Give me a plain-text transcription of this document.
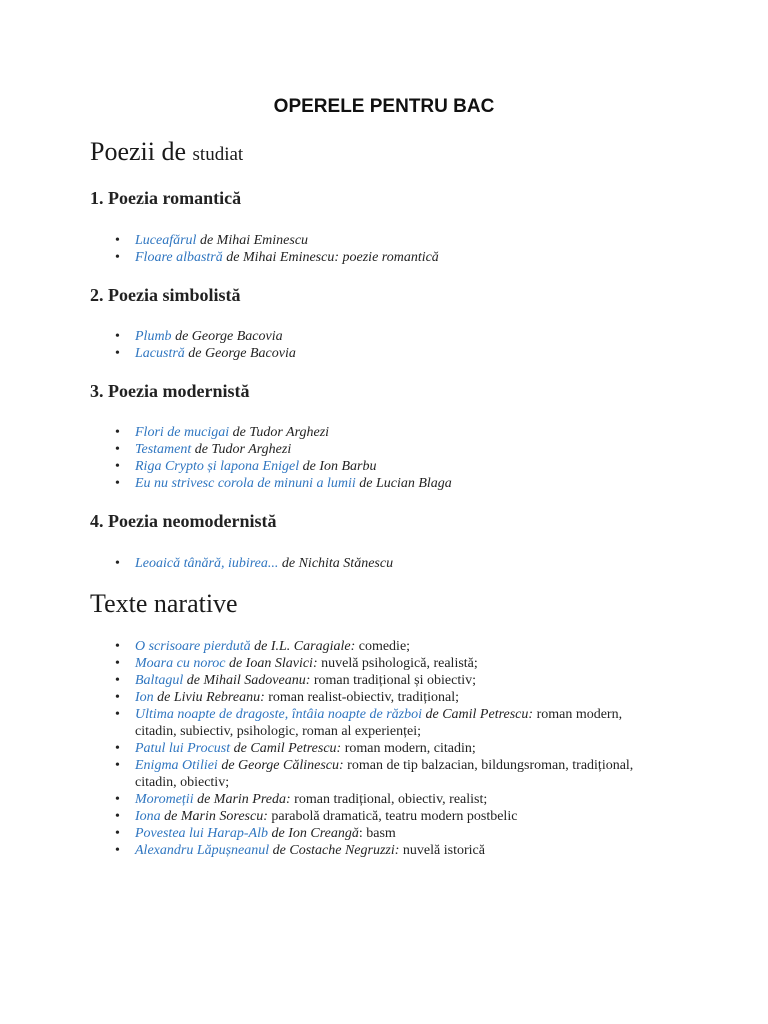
OPERELE PENTRU BAC
Poezii de studiat
1. Poezia romantică
• Luceafărul de Mihai Eminescu
• Floare albastră de Mihai Eminescu: poezie romantică
2. Poezia simbolistă
• Plumb de George Bacovia
• Lacustră de George Bacovia
3. Poezia modernistă
• Flori de mucigai de Tudor Arghezi
• Testament de Tudor Arghezi
• Riga Crypto și lapona Enigel de Ion Barbu
• Eu nu strivesc corola de minuni a lumii de Lucian Blaga
4. Poezia neomodernistă
• Leoaică tânără, iubirea... de Nichita Stănescu
Texte narative
• O scrisoare pierdută de I.L. Caragiale: comedie;
• Moara cu noroc de Ioan Slavici: nuvelă psihologică, realistă;
• Baltagul de Mihail Sadoveanu: roman tradițional și obiectiv;
• Ion de Liviu Rebreanu: roman realist-obiectiv, tradițional;
• Ultima noapte de dragoste, întâia noapte de război de Camil Petrescu: roman modern, citadin, subiectiv, psihologic, roman al experienței;
• Patul lui Procust de Camil Petrescu: roman modern, citadin;
• Enigma Otiliei de George Călinescu: roman de tip balzacian, bildungsroman, tradițional, citadin, obiectiv;
• Moromeții de Marin Preda: roman tradițional, obiectiv, realist;
• Iona de Marin Sorescu: parabolă dramatică, teatru modern postbelic
• Povestea lui Harap-Alb de Ion Creangă: basm
• Alexandru Lăpușneanul de Costache Negruzzi: nuvelă istorică
